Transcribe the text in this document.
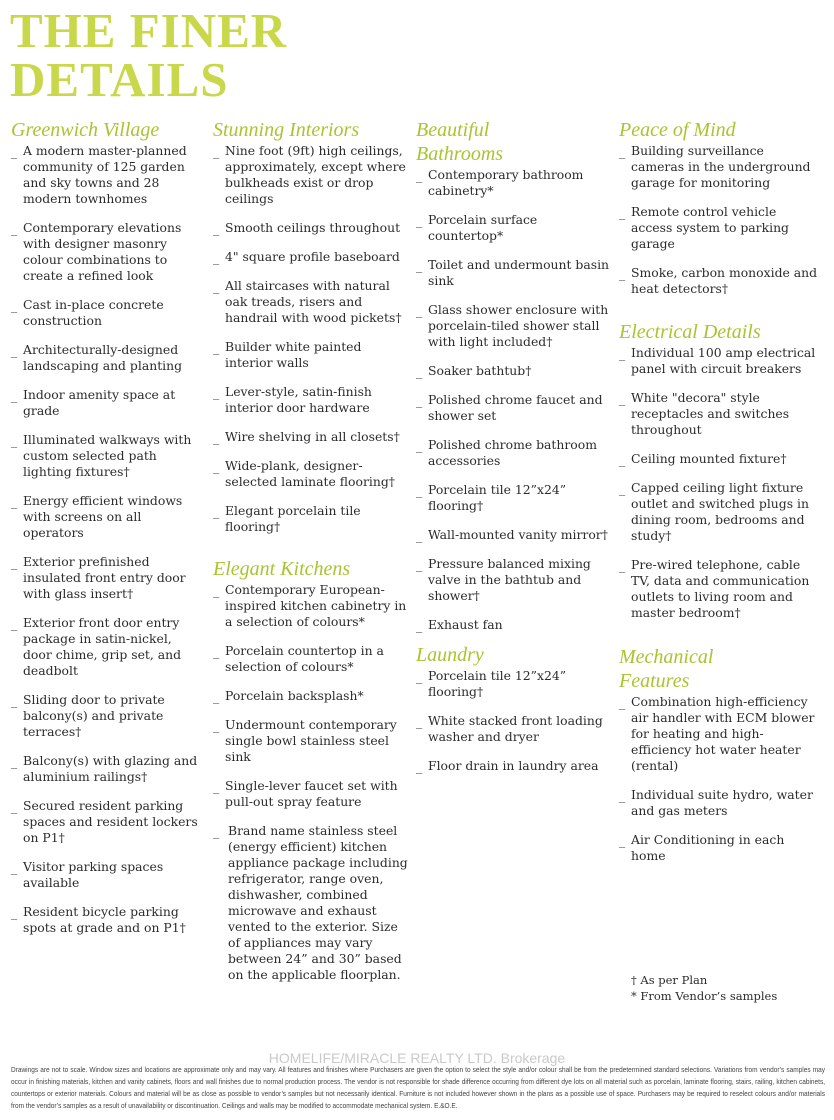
THE FINER
DETAILS
Greenwich Village
_ A modern master-planned community of 125 garden and sky towns and 28 modern townhomes
_ Contemporary elevations with designer masonry colour combinations to create a refined look
_ Cast in-place concrete construction
_ Architecturally-designed landscaping and planting
_ Indoor amenity space at grade
_ Illuminated walkways with custom selected path lighting fixtures†
_ Energy efficient windows with screens on all operators
_ Exterior prefinished insulated front entry door with glass insert†
_ Exterior front door entry package in satin-nickel, door chime, grip set, and deadbolt
_ Sliding door to private balcony(s) and private terraces†
_ Balcony(s) with glazing and aluminium railings†
_ Secured resident parking spaces and resident lockers on P1†
_ Visitor parking spaces available
_ Resident bicycle parking spots at grade and on P1†
Stunning Interiors
_ Nine foot (9ft) high ceilings, approximately, except where bulkheads exist or drop ceilings
_ Smooth ceilings throughout
_ 4" square profile baseboard
_ All staircases with natural oak treads, risers and handrail with wood pickets†
_ Builder white painted interior walls
_ Lever-style, satin-finish interior door hardware
_ Wire shelving in all closets†
_ Wide-plank, designer-selected laminate flooring†
_ Elegant porcelain tile flooring†
Elegant Kitchens
_ Contemporary European-inspired kitchen cabinetry in a selection of colours*
_ Porcelain countertop in a selection of colours*
_ Porcelain backsplash*
_ Undermount contemporary single bowl stainless steel sink
_ Single-lever faucet set with pull-out spray feature
_ Brand name stainless steel (energy efficient) kitchen appliance package including refrigerator, range oven, dishwasher, combined microwave and exhaust vented to the exterior. Size of appliances may vary between 24” and 30” based on the applicable floorplan.
Beautiful Bathrooms
_ Contemporary bathroom cabinetry*
_ Porcelain surface countertop*
_ Toilet and undermount basin sink
_ Glass shower enclosure with porcelain-tiled shower stall with light included†
_ Soaker bathtub†
_ Polished chrome faucet and shower set
_ Polished chrome bathroom accessories
_ Porcelain tile 12”x24” flooring†
_ Wall-mounted vanity mirror†
_ Pressure balanced mixing valve in the bathtub and shower†
_ Exhaust fan
Laundry
_ Porcelain tile 12”x24” flooring†
_ White stacked front loading washer and dryer
_ Floor drain in laundry area
Peace of Mind
_ Building surveillance cameras in the underground garage for monitoring
_ Remote control vehicle access system to parking garage
_ Smoke, carbon monoxide and heat detectors†
Electrical Details
_ Individual 100 amp electrical panel with circuit breakers
_ White "decora" style receptacles and switches throughout
_ Ceiling mounted fixture†
_ Capped ceiling light fixture outlet and switched plugs in dining room, bedrooms and study†
_ Pre-wired telephone, cable TV, data and communication outlets to living room and master bedroom†
Mechanical Features
_ Combination high-efficiency air handler with ECM blower for heating and high-efficiency hot water heater (rental)
_ Individual suite hydro, water and gas meters
_ Air Conditioning in each home
† As per Plan
* From Vendor’s samples
HOMELIFE/MIRACLE REALTY LTD. Brokerage
Drawings are not to scale. Window sizes and locations are approximate only and may vary. All features and finishes where Purchasers are given the option to select the style and/or colour shall be from the predetermined standard selections. Variations from vendor’s samples may occur in finishing materials, kitchen and vanity cabinets, floors and wall finishes due to normal production process. The vendor is not responsible for shade difference occurring from different dye lots on all material such as porcelain, laminate flooring, stairs, railing, kitchen cabinets, countertops or exterior materials. Colours and material will be as close as possible to vendor’s samples but not necessarily identical. Furniture is not included however shown in the plans as a possible use of space. Purchasers may be required to reselect colours and/or materials from the vendor’s samples as a result of unavailability or discontinuation. Ceilings and walls may be modified to accommodate mechanical system. E.&O.E.
